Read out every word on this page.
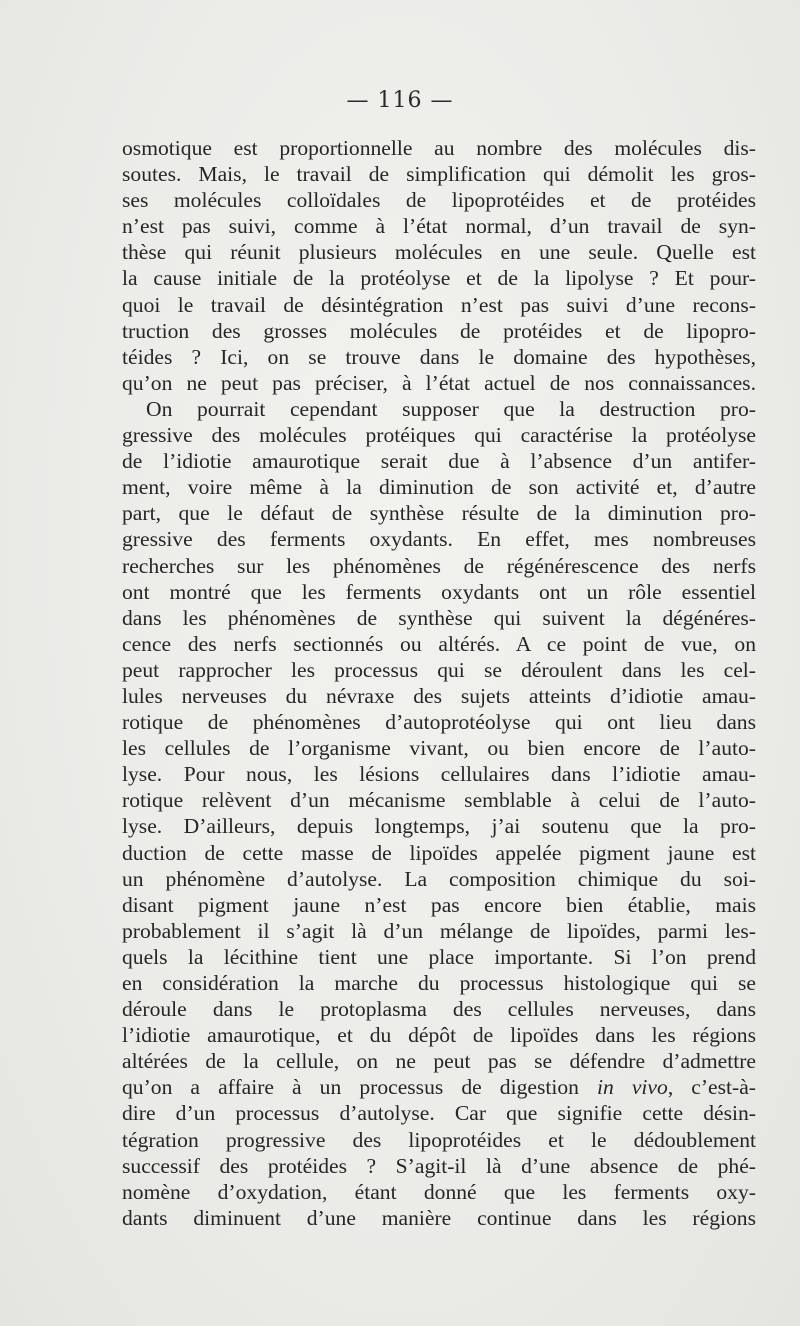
— 116 —

osmotique est proportionnelle au nombre des molécules dis-
soutes. Mais, le travail de simplification qui démolit les gros-
ses molécules colloïdales de lipoprotéides et de protéides
n’est pas suivi, comme à l’état normal, d’un travail de syn-
thèse qui réunit plusieurs molécules en une seule. Quelle est
la cause initiale de la protéolyse et de la lipolyse ? Et pour-
quoi le travail de désintégration n’est pas suivi d’une recons-
truction des grosses molécules de protéides et de lipopro-
téides ? Ici, on se trouve dans le domaine des hypothèses,
qu’on ne peut pas préciser, à l’état actuel de nos connaissances.

On pourrait cependant supposer que la destruction pro-
gressive des molécules protéiques qui caractérise la protéolyse
de l’idiotie amaurotique serait due à l’absence d’un antifer-
ment, voire même à la diminution de son activité et, d’autre
part, que le défaut de synthèse résulte de la diminution pro-
gressive des ferments oxydants. En effet, mes nombreuses
recherches sur les phénomènes de régénérescence des nerfs
ont montré que les ferments oxydants ont un rôle essentiel
dans les phénomènes de synthèse qui suivent la dégénéres-
cence des nerfs sectionnés ou altérés. A ce point de vue, on
peut rapprocher les processus qui se déroulent dans les cel-
lules nerveuses du névraxe des sujets atteints d’idiotie amau-
rotique de phénomènes d’autoprotéolyse qui ont lieu dans
les cellules de l’organisme vivant, ou bien encore de l’auto-
lyse. Pour nous, les lésions cellulaires dans l’idiotie amau-
rotique relèvent d’un mécanisme semblable à celui de l’auto-
lyse. D’ailleurs, depuis longtemps, j’ai soutenu que la pro-
duction de cette masse de lipoïdes appelée pigment jaune est
un phénomène d’autolyse. La composition chimique du soi-
disant pigment jaune n’est pas encore bien établie, mais
probablement il s’agit là d’un mélange de lipoïdes, parmi les-
quels la lécithine tient une place importante. Si l’on prend
en considération la marche du processus histologique qui se
déroule dans le protoplasma des cellules nerveuses, dans
l’idiotie amaurotique, et du dépôt de lipoïdes dans les régions
altérées de la cellule, on ne peut pas se défendre d’admettre
qu’on a affaire à un processus de digestion in vivo, c’est-à-
dire d’un processus d’autolyse. Car que signifie cette désin-
tégration progressive des lipoprotéides et le dédoublement
successif des protéides ? S’agit-il là d’une absence de phé-
nomène d’oxydation, étant donné que les ferments oxy-
dants diminuent d’une manière continue dans les régions
